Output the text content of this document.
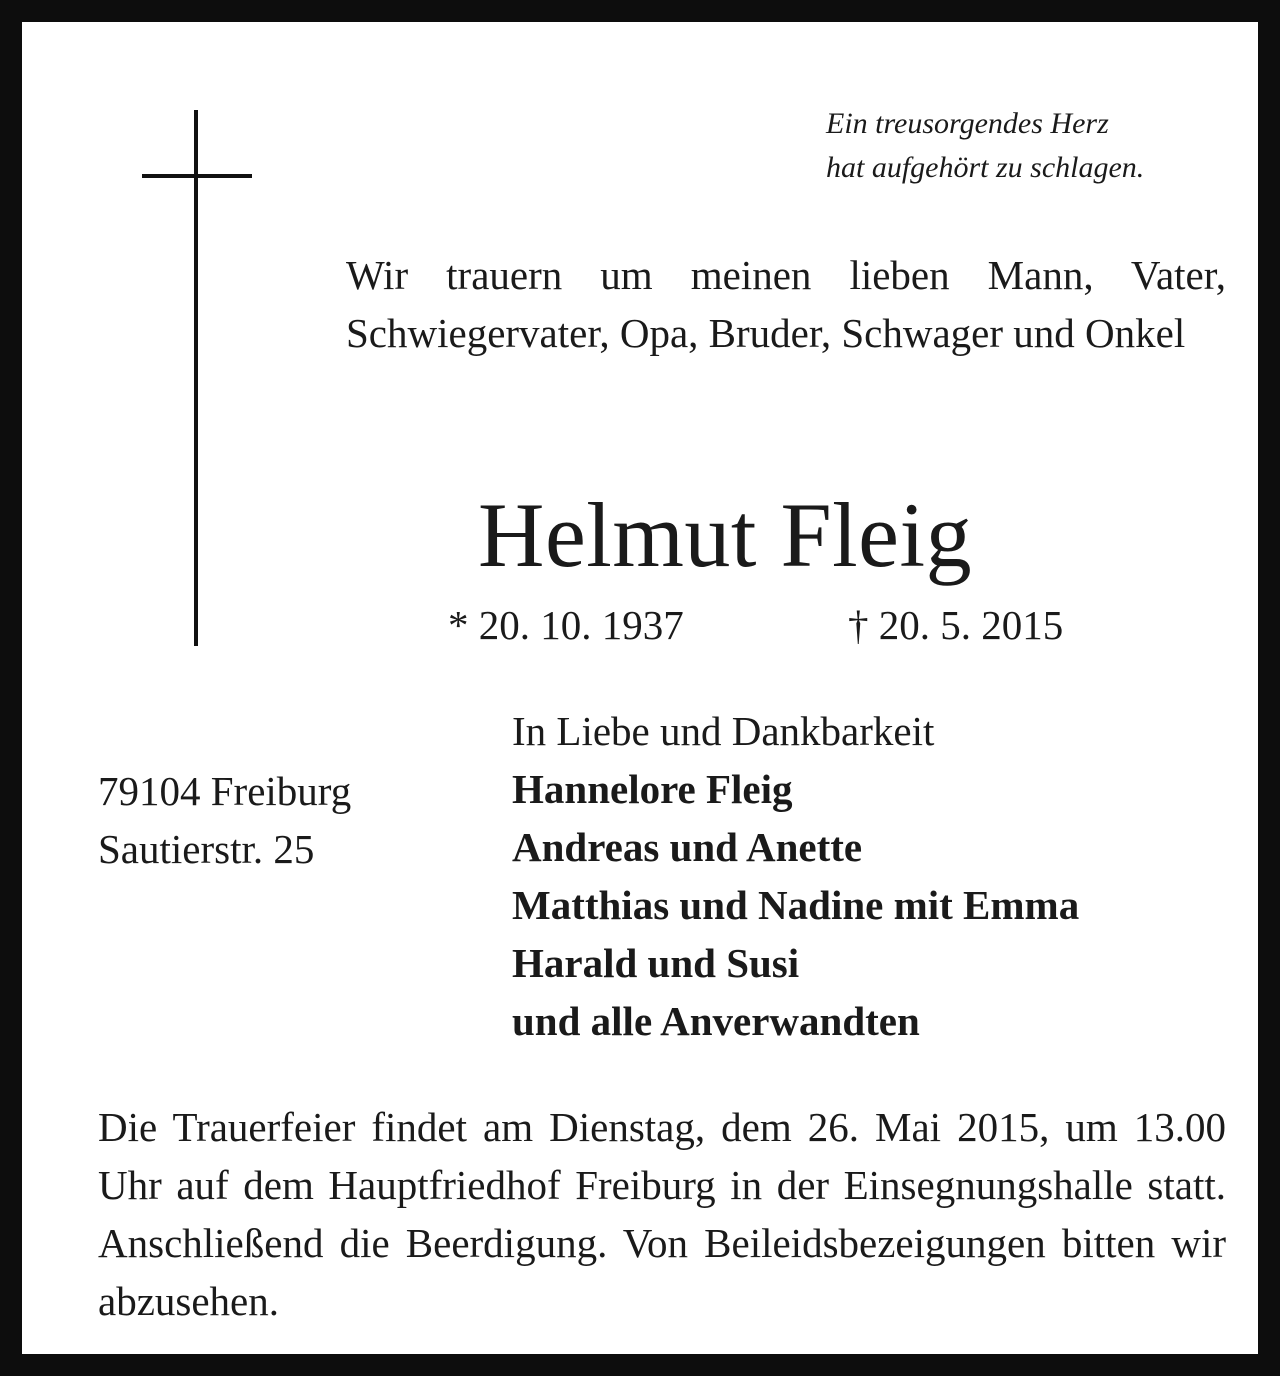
Ein treusorgendes Herz
hat aufgehört zu schlagen.
Wir trauern um meinen lieben Mann, Vater, Schwiegervater, Opa, Bruder, Schwager und Onkel
Helmut Fleig
* 20. 10. 1937	† 20. 5. 2015
79104 Freiburg
Sautierstr. 25
In Liebe und Dankbarkeit
Hannelore Fleig
Andreas und Anette
Matthias und Nadine mit Emma
Harald und Susi
und alle Anverwandten
Die Trauerfeier findet am Dienstag, dem 26. Mai 2015, um 13.00 Uhr auf dem Hauptfriedhof Freiburg in der Einsegnungshalle statt. Anschließend die Beerdigung. Von Beileidsbezeigungen bitten wir abzusehen.
